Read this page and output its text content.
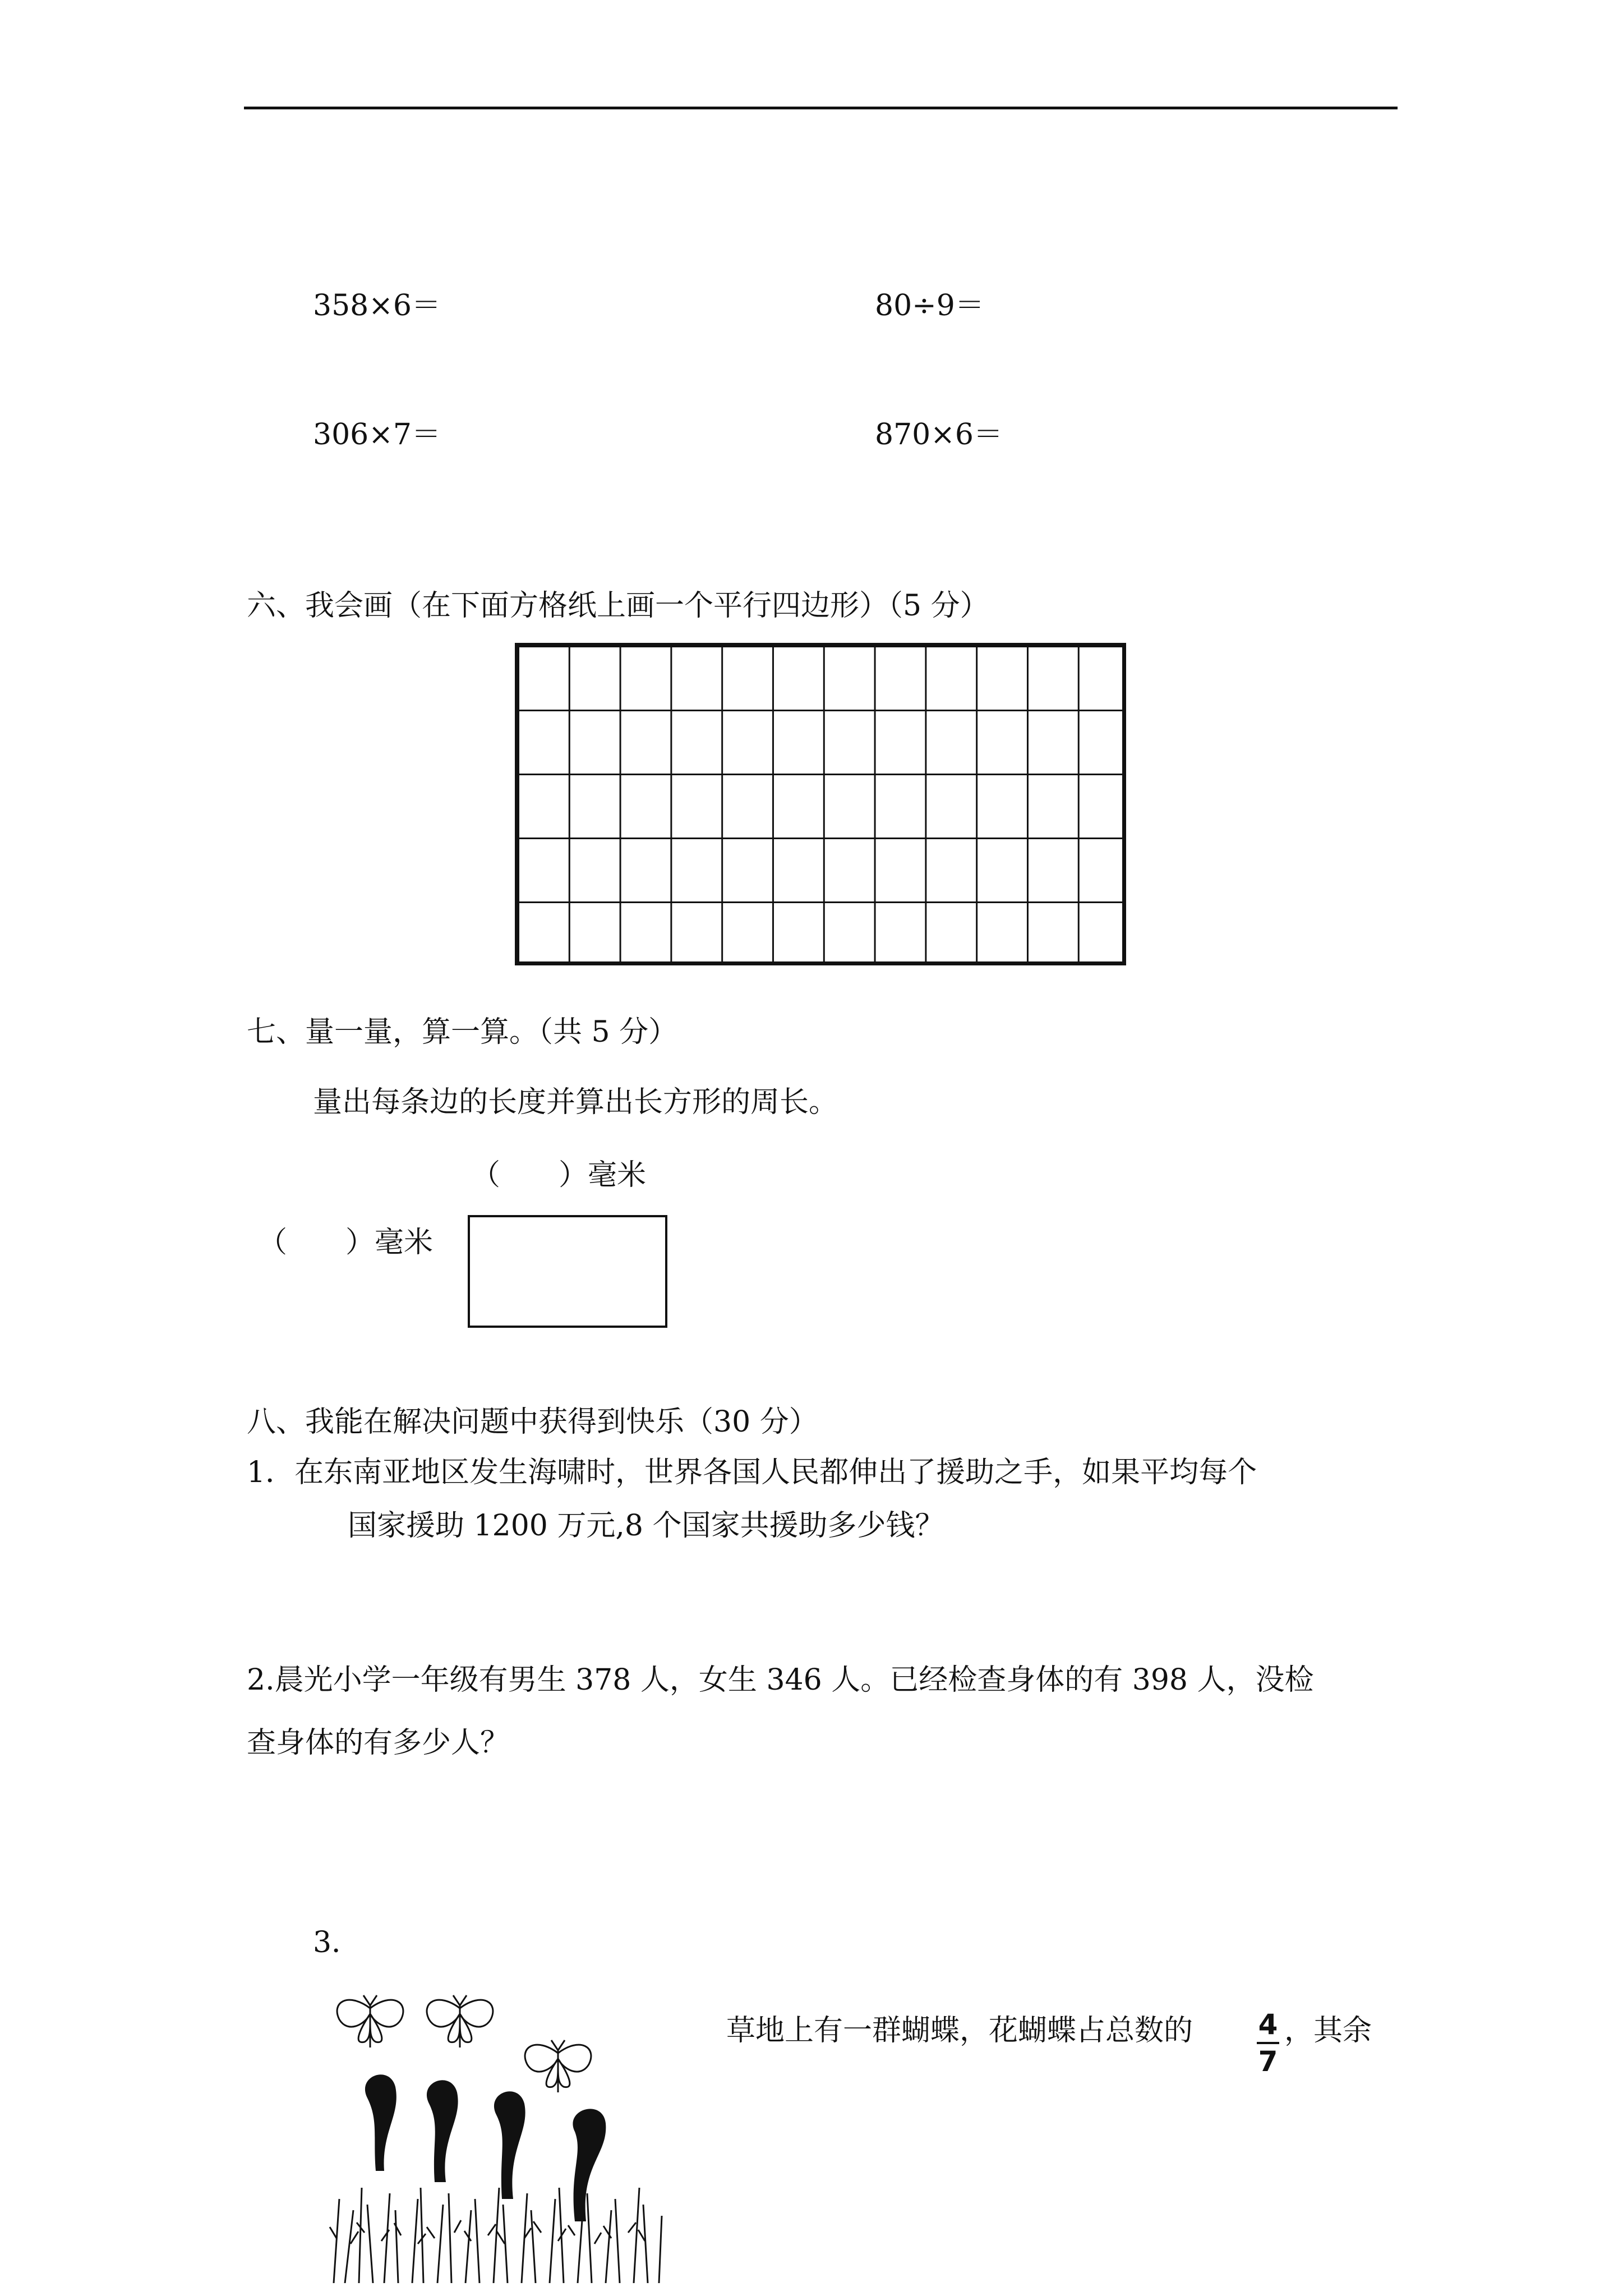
358×6＝	80÷9＝
306×7＝	870×6＝
六、我会画（在下面方格纸上画一个平行四边形）（5 分）
七、量一量，算一算。（共 5 分）
量出每条边的长度并算出长方形的周长。
（　　）毫米
（　　）毫米
八、我能在解决问题中获得到快乐（30 分）
1．在东南亚地区发生海啸时，世界各国人民都伸出了援助之手，如果平均每个
国家援助 1200 万元,8 个国家共援助多少钱？
2.晨光小学一年级有男生 378 人，女生 346 人。已经检查身体的有 398 人，没检
查身体的有多少人？
3．
草地上有一群蝴蝶，花蝴蝶占总数的 4
7
，其余
